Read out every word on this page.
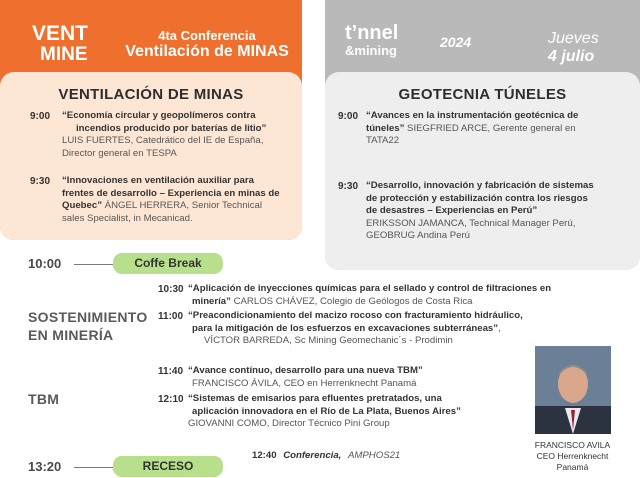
VENT
MINE
4ta Conferencia
Ventilación de MINAS
VENTILACIÓN DE MINAS
9:00 “Economía circular y geopolímeros contra
incendios producido por baterías de litio”
LUIS FUERTES, Catedrático del IE de España,
Director general en TESPA
9:30 “Innovaciones en ventilación auxiliar para
frentes de desarrollo – Experiencia en minas de
Quebec” ÁNGEL HERRERA, Senior Technical
sales Specialist, in Mecanicad.
t’nnel
&mining
2024	Jueves
4 julio
GEOTECNIA TÚNELES
9:00 “Avances en la instrumentación geotécnica de
túneles” SIEGFRIED ARCE, Gerente general en
TATA22
9:30 “Desarrollo, innovación y fabricación de sistemas
de protección y estabilización contra los riesgos
de desastres – Experiencias en Perú”
ERIKSSON JAMANCA, Technical Manager Perú,
GEOBRUG Andina Perú
10:00	Coffe Break
SOSTENIMIENTO
EN MINERÍA
10:30 “Aplicación de inyecciones químicas para el sellado y control de filtraciones en
minería” CARLOS CHÁVEZ, Colegio de Geólogos de Costa Rica
11:00 “Preacondicionamiento del macizo rocoso con fracturamiento hidráulico,
para la mitigación de los esfuerzos en excavaciones subterráneas”,
VÍCTOR BARREDA, Sc Mining Geomechanic´s - Prodimin
TBM
11:40 “Avance contínuo, desarrollo para una nueva TBM”
FRANCISCO ÁVILA, CEO en Herrenknecht Panamá
12:10 “Sistemas de emisarios para efluentes pretratados, una
aplicación innovadora en el Río de La Plata, Buenos Aires”
GIOVANNI COMO, Director Técnico Pini Group
FRANCISCO AVILA
CEO Herrenknecht
Panamá
13:20	RECESO
12:40 Conferencia, AMPHOS21
